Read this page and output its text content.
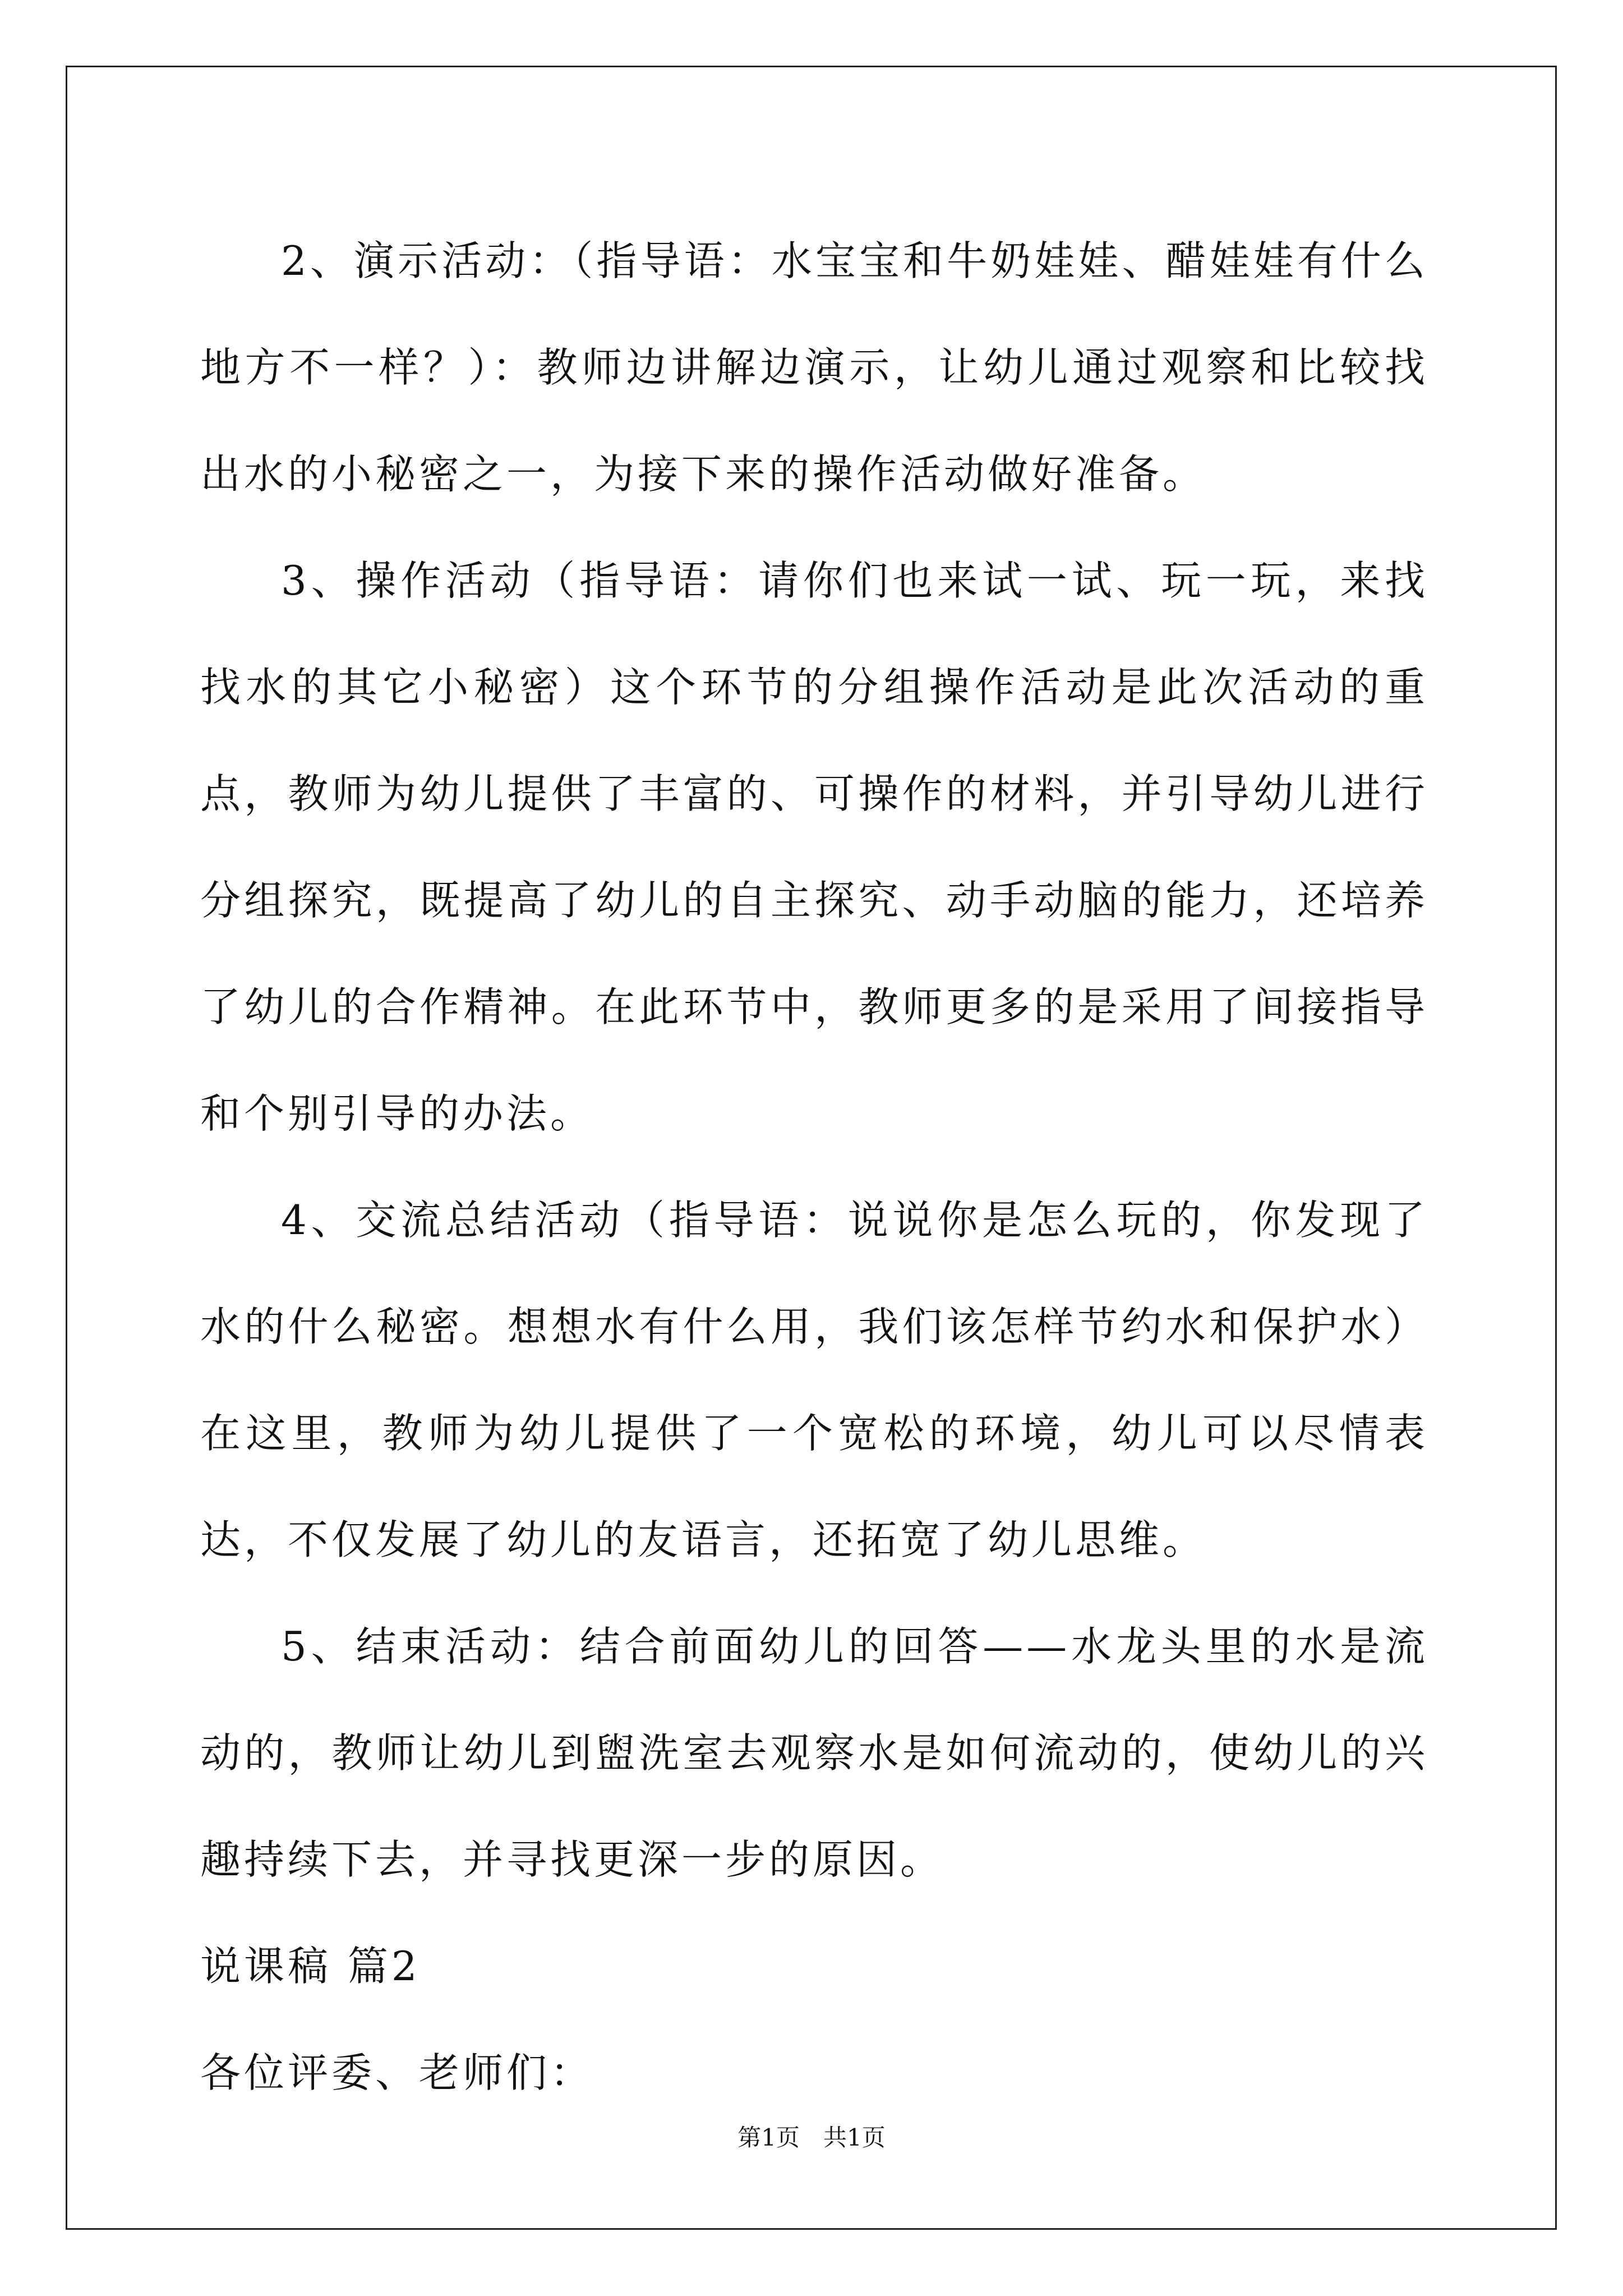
2、演示活动：（指导语：水宝宝和牛奶娃娃、醋娃娃有什么地方不一样？）：教师边讲解边演示，让幼儿通过观察和比较找出水的小秘密之一，为接下来的操作活动做好准备。

3、操作活动（指导语：请你们也来试一试、玩一玩，来找找水的其它小秘密）这个环节的分组操作活动是此次活动的重点，教师为幼儿提供了丰富的、可操作的材料，并引导幼儿进行分组探究，既提高了幼儿的自主探究、动手动脑的能力，还培养了幼儿的合作精神。在此环节中，教师更多的是采用了间接指导和个别引导的办法。

4、交流总结活动（指导语：说说你是怎么玩的，你发现了水的什么秘密。想想水有什么用，我们该怎样节约水和保护水）在这里，教师为幼儿提供了一个宽松的环境，幼儿可以尽情表达，不仅发展了幼儿的友语言，还拓宽了幼儿思维。

5、结束活动：结合前面幼儿的回答——水龙头里的水是流动的，教师让幼儿到盥洗室去观察水是如何流动的，使幼儿的兴趣持续下去，并寻找更深一步的原因。

说课稿 篇2

各位评委、老师们：

第1页　共1页
